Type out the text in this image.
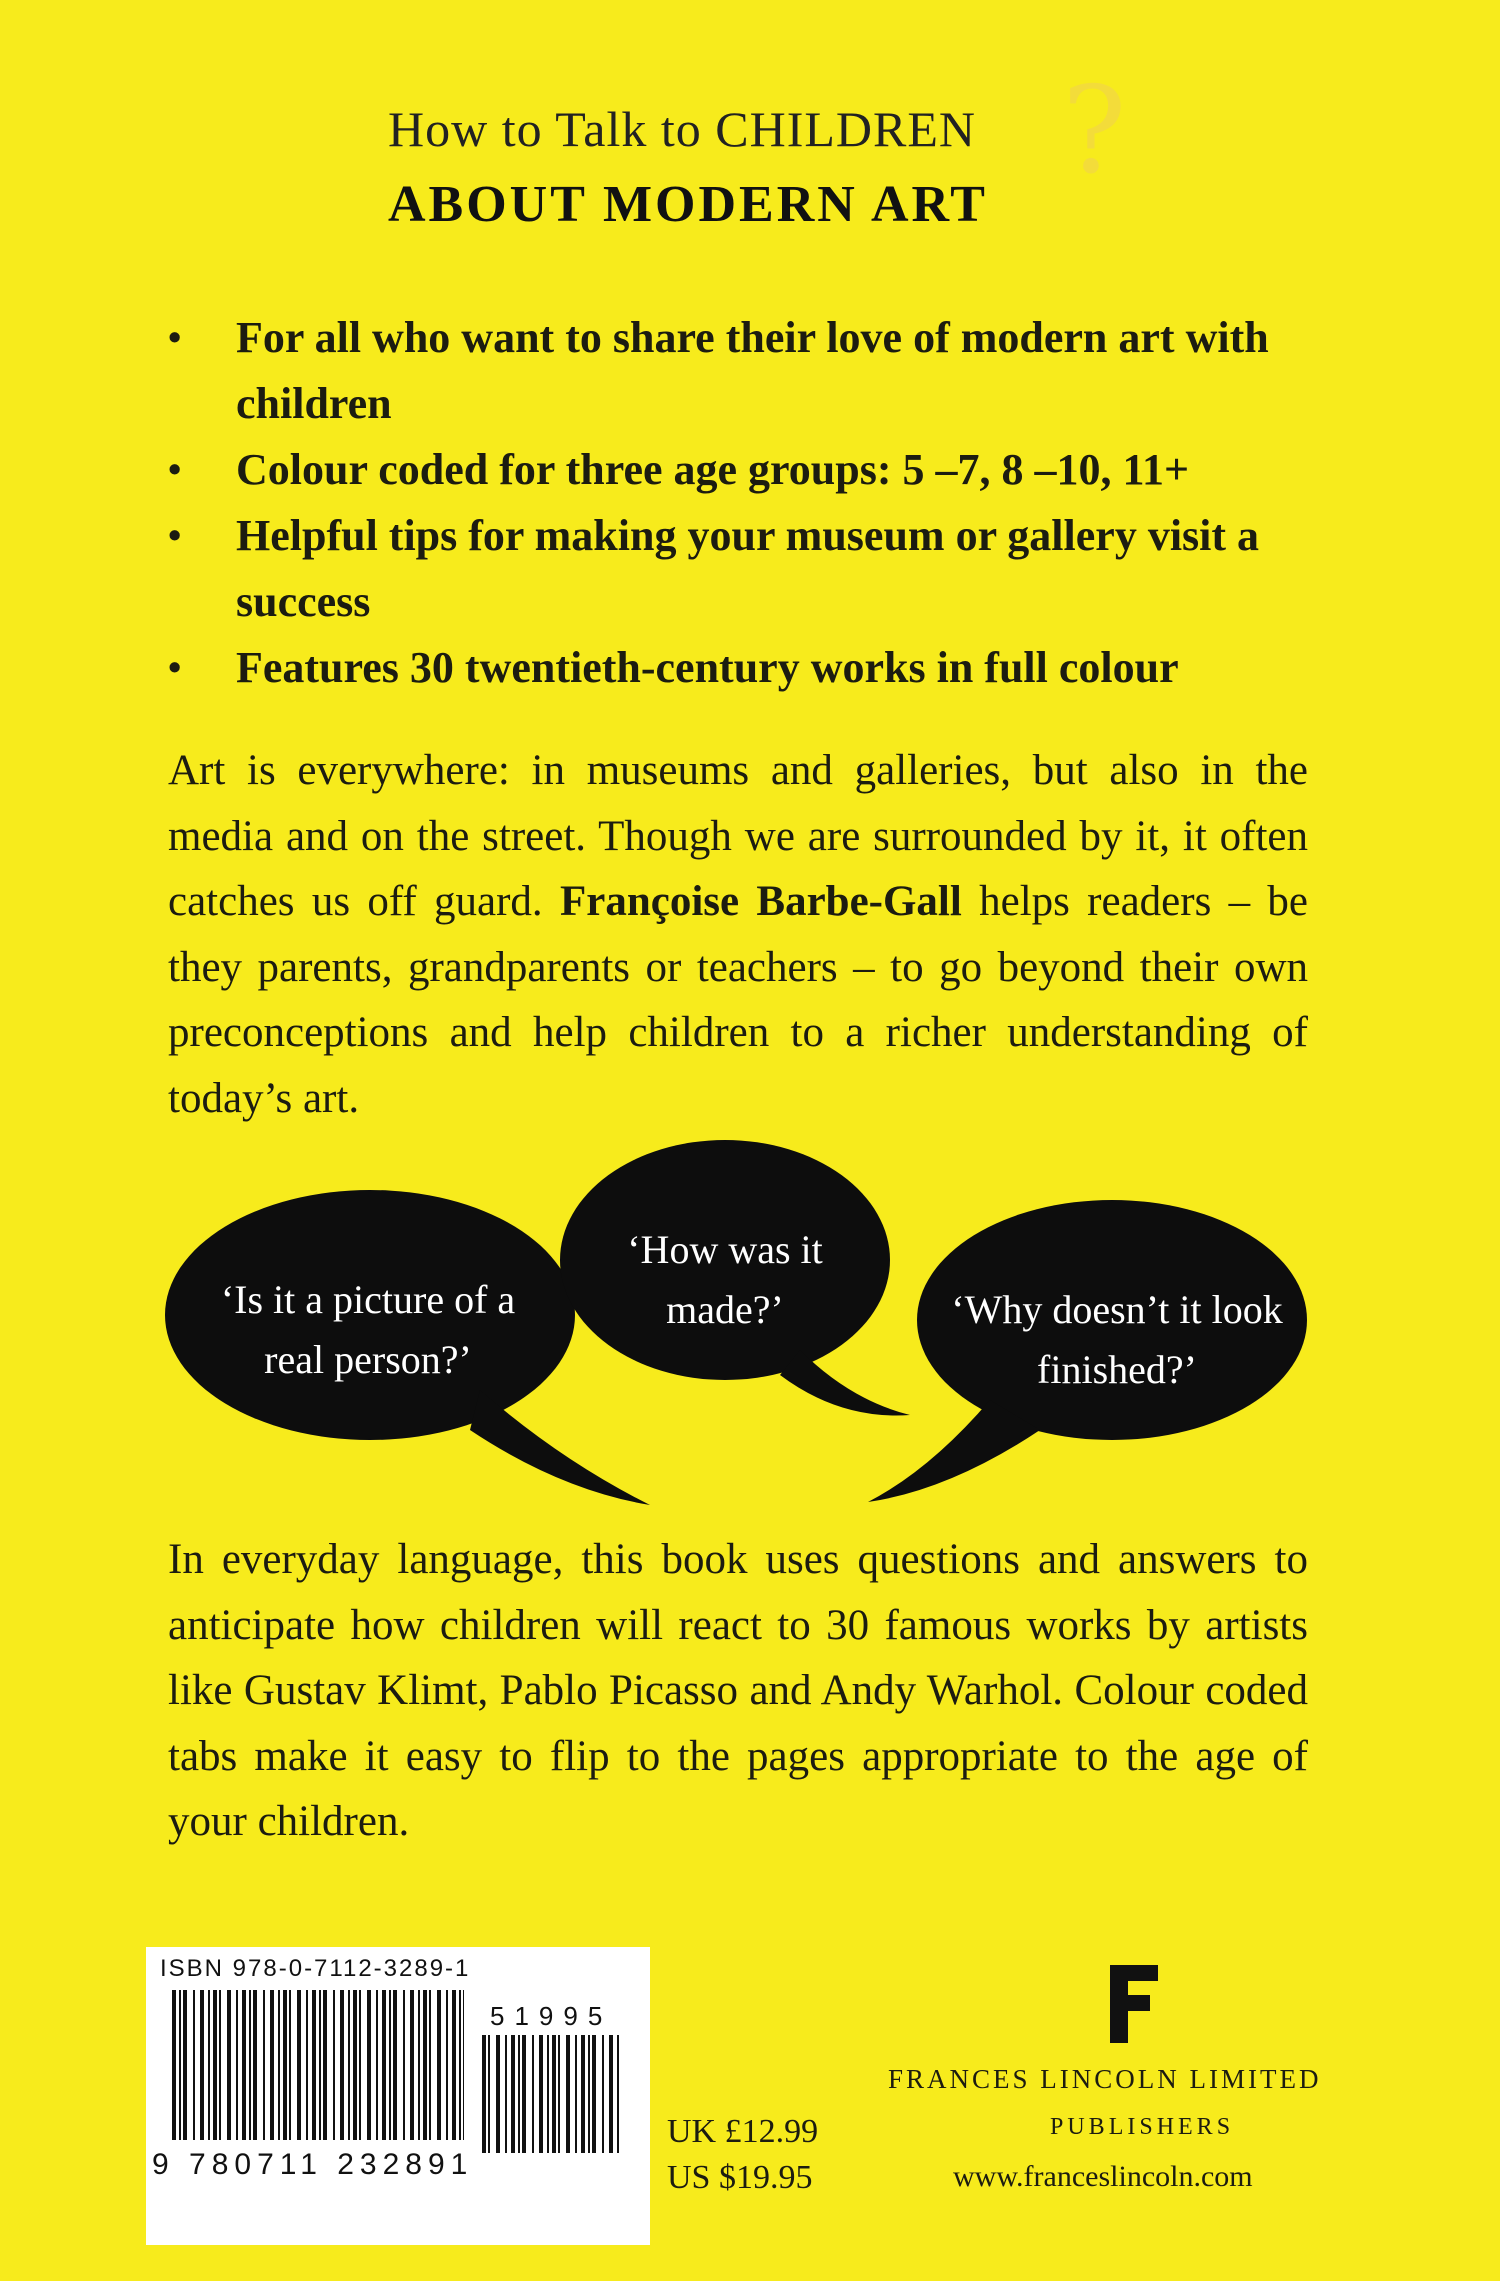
How to Talk to CHILDREN
ABOUT MODERN ART
?
• For all who want to share their love of modern art with children
• Colour coded for three age groups: 5 –7, 8 –10, 11+
• Helpful tips for making your museum or gallery visit a success
• Features 30 twentieth-century works in full colour
Art is everywhere: in museums and galleries, but also in the media and on the street. Though we are surrounded by it, it often catches us off guard. Françoise Barbe-Gall helps readers – be they parents, grandparents or teachers – to go beyond their own preconceptions and help children to a richer understanding of today’s art.
‘Is it a picture of a real person?’
‘How was it made?’	‘Why doesn’t it look finished?’
In everyday language, this book uses questions and answers to anticipate how children will react to 30 famous works by artists like Gustav Klimt, Pablo Picasso and Andy Warhol. Colour coded tabs make it easy to flip to the pages appropriate to the age of your children.
ISBN 978-0-7112-3289-1
51995
9 780711 232891
UK £12.99
US $19.95
FRANCES LINCOLN LIMITED
PUBLISHERS
www.franceslincoln.com
